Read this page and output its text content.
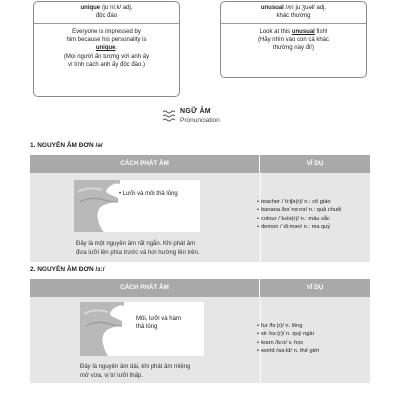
unique /juˈniːk/ adj.
độc đáo
Everyone is impressed by
him because his personality is
unique.
(Mọi người ấn tượng với anh ấy
vì tính cách anh ấy độc đáo.)
unusual /ʌnˈjuːʒuəl/ adj.
khác thường
Look at this unusual fish!
(Hãy nhìn vào con cá khác
thường này đi!)
NGỮ ÂM
Pronunciation
1. NGUYÊN ÂM ĐƠN /ə/
CÁCH PHÁT ÂM	VÍ DỤ
• Lưỡi và môi thả lỏng
Đây là một nguyên âm rất ngắn. Khi phát âm
đưa lưỡi lên phía trước và hơi hướng lên trên.
• teacher /ˈtiːtʃə(r)/ n.: cô giáo
• banana /bəˈnɑːnə/ n.: quả chuối
• colour /ˈkʌlə(r)/ n.: màu sắc
• demon /ˈdiːmən/ n.: ma quỷ
2. NGUYÊN ÂM ĐƠN /ɜː/
CÁCH PHÁT ÂM	VÍ DỤ
Môi, lưỡi và hàm
thả lỏng
Đây là nguyên âm dài, khi phát âm miệng
mở vừa, vị trí lưỡi thấp.
• fur /fɜː(r)/ n. lông
• sir /sɜː(r)/ n. quý ngài
• learn /lɜːn/ v. học
• world /wɜːld/ n. thế giới
